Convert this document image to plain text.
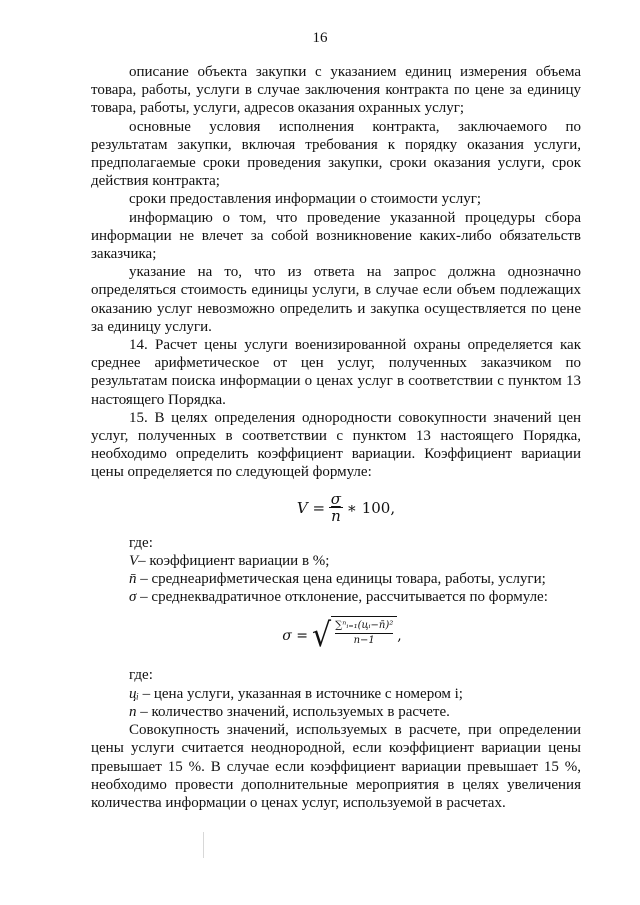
16

описание объекта закупки с указанием единиц измерения объема товара, работы, услуги в случае заключения контракта по цене за единицу товара, работы, услуги, адресов оказания охранных услуг;

основные условия исполнения контракта, заключаемого по результатам закупки, включая требования к порядку оказания услуги, предполагаемые сроки проведения закупки, сроки оказания услуги, срок действия контракта;

сроки предоставления информации о стоимости услуг;

информацию о том, что проведение указанной процедуры сбора информации не влечет за собой возникновение каких-либо обязательств заказчика;

указание на то, что из ответа на запрос должна однозначно определяться стоимость единицы услуги, в случае если объем подлежащих оказанию услуг невозможно определить и закупка осуществляется по цене за единицу услуги.

14. Расчет цены услуги военизированной охраны определяется как среднее арифметическое от цен услуг, полученных заказчиком по результатам поиска информации о ценах услуг в соответствии с пунктом 13 настоящего Порядка.

15. В целях определения однородности совокупности значений цен услуг, полученных в соответствии с пунктом 13 настоящего Порядка, необходимо определить коэффициент вариации. Коэффициент вариации цены определяется по следующей формуле:

$V = \frac{\sigma}{n}$ ∗ 100,

где:

V– коэффициент вариации в %;

n̄ – среднеарифметическая цена единицы товара, работы, услуги;

σ – среднеквадратичное отклонение, рассчитывается по формуле:

σ = √ $\frac{\text{∑ⁿᵢ₌₁(цᵢ−n̄)²}}{n-1}$ ,

где:

цᵢ – цена услуги, указанная в источнике с номером i;

n – количество значений, используемых в расчете.

Совокупность значений, используемых в расчете, при определении цены услуги считается неоднородной, если коэффициент вариации цены превышает 15 %. В случае если коэффициент вариации превышает 15 %, необходимо провести дополнительные мероприятия в целях увеличения количества информации о ценах услуг, используемой в расчетах.
